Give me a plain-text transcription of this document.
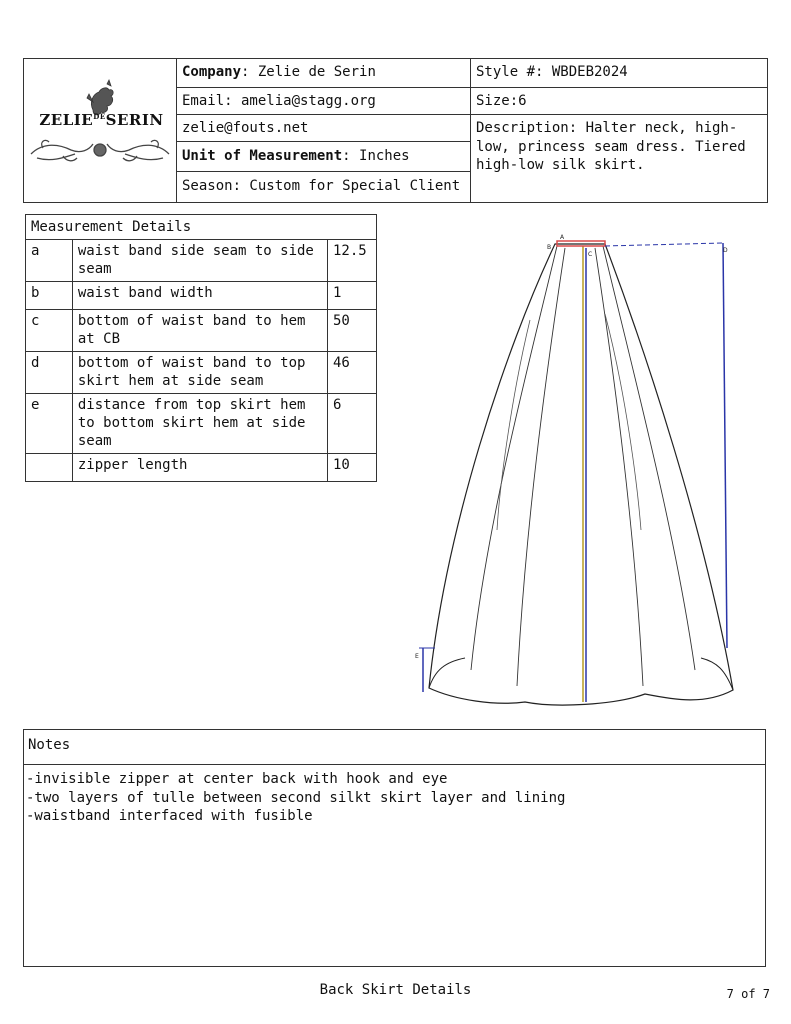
$ZELIE^{DE}SERIN$
Company: Zelie de Serin
Email: amelia@stagg.org
zelie@fouts.net
Unit of Measurement: Inches
Season: Custom for Special Client
Style #: WBDEB2024
Size:6
Description: Halter neck, high-low, princess seam dress. Tiered high-low silk skirt.
Measurement Details		
a	waist band side seam to side seam	12.5
b	waist band width	1
c	bottom of waist band to hem at CB	50
d	bottom of waist band to top skirt hem at side seam	46
e	distance from top skirt hem to bottom skirt hem at side seam	6
	zipper length	10
A
B
C
D
E
Notes
-invisible zipper at center back with hook and eye
-two layers of tulle between second silkt skirt layer and lining
-waistband interfaced with fusible
Back Skirt Details	7 of 7
